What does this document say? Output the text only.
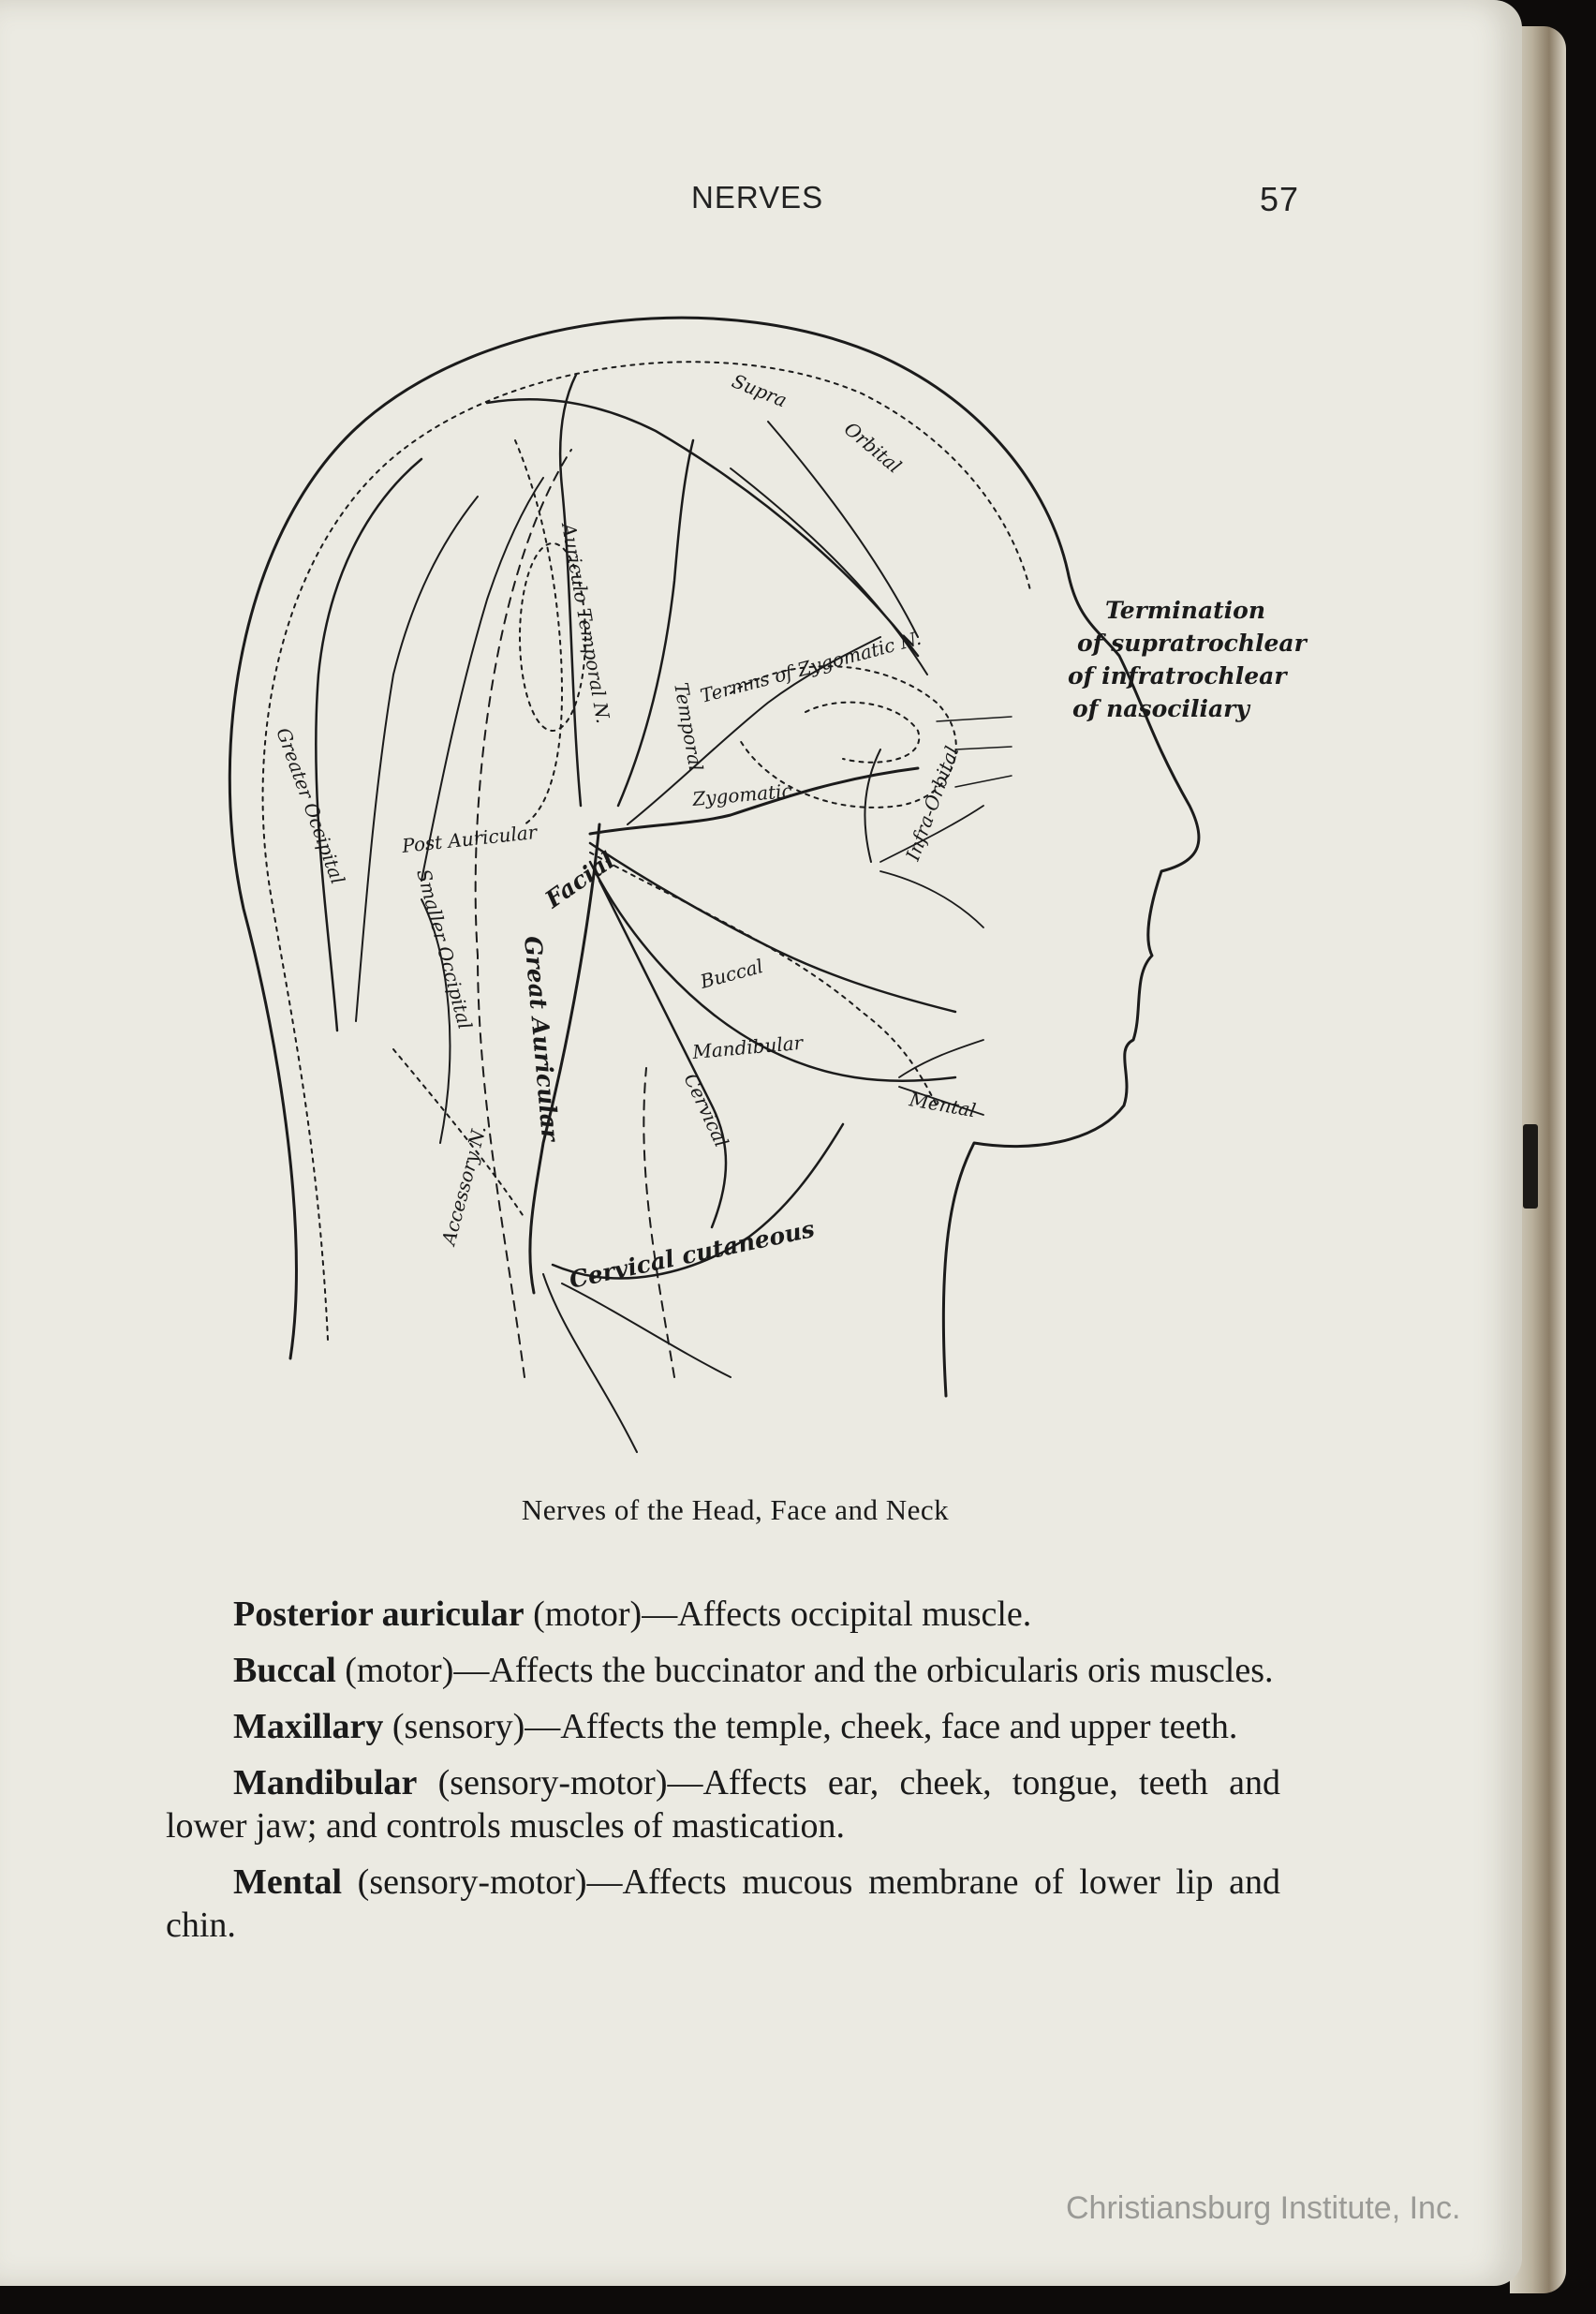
NERVES	57
Supra
Orbital
Termination
of supratrochlear
of infratrochlear
of nasociliary
Auriculo Temporal N.
Temporal
Termns of Zygomatic N.
Zygomatic	Infra-Orbital
Facial
Greater Occipital	Post Auricular
Smaller Occipital Great Auricular	Buccal
Mandibular
Mental
Cervical
Accessory N.
Cervical cutaneous
Nerves of the Head, Face and Neck

Posterior auricular (motor)—Affects occipital muscle.

Buccal (motor)—Affects the buccinator and the orbicularis oris muscles.

Maxillary (sensory)—Affects the temple, cheek, face and upper teeth.

Mandibular (sensory-motor)—Affects ear, cheek, tongue, teeth and lower jaw; and controls muscles of mastication.

Mental (sensory-motor)—Affects mucous membrane of lower lip and chin.

Christiansburg Institute, Inc.
